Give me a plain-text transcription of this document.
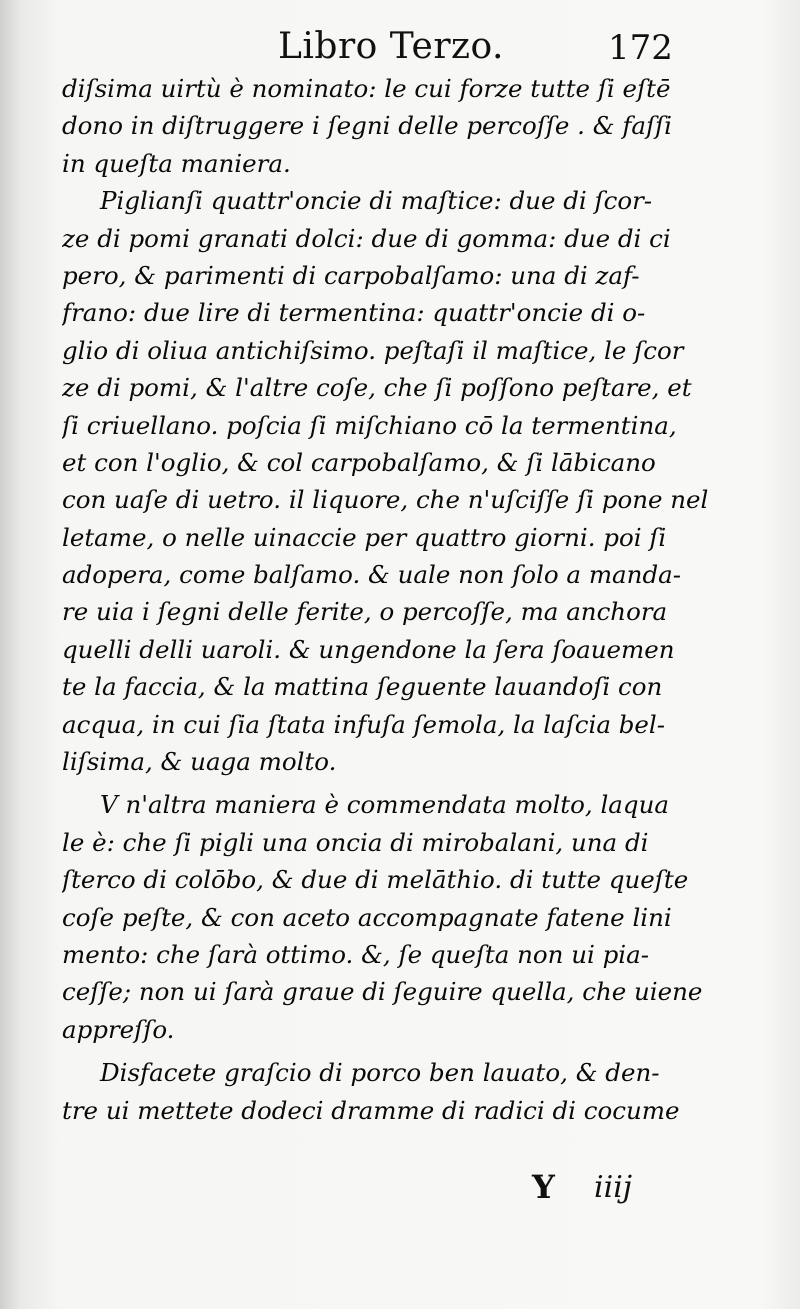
Libro Terzo.	172
diſsima uirtù è nominato: le cui forze tutte ſi eſtē
dono in diſtruggere i ſegni delle percoſſe . & faſſi
in queſta maniera.
Piglianſi quattr'oncie di maſtice: due di ſcor-
ze di pomi granati dolci: due di gomma: due di ci
pero, & parimenti di carpobalſamo: una di zaf-
frano: due lire di termentina: quattr'oncie di o-
glio di oliua antichiſsimo. peſtaſi il maſtice, le ſcor
ze di pomi, & l'altre coſe, che ſi poſſono peſtare, et
ſi criuellano. poſcia ſi miſchiano cō la termentina,
et con l'oglio, & col carpobalſamo, & ſi lābicano
con uaſe di uetro. il liquore, che n'uſciſſe ſi pone nel
letame, o nelle uinaccie per quattro giorni. poi ſi
adopera, come balſamo. & uale non ſolo a manda-
re uia i ſegni delle ferite, o percoſſe, ma anchora
quelli delli uaroli. & ungendone la ſera ſoauemen
te la faccia, & la mattina ſeguente lauandoſi con
acqua, in cui ſia ſtata infuſa ſemola, la laſcia bel-
liſsima, & uaga molto.
V n'altra maniera è commendata molto, laqua
le è: che ſi pigli una oncia di mirobalani, una di
ſterco di colōbo, & due di melāthio. di tutte queſte
coſe peſte, & con aceto accompagnate fatene lini
mento: che ſarà ottimo. &, ſe queſta non ui pia-
ceſſe; non ui ſarà graue di ſeguire quella, che uiene
appreſſo.
Disfacete graſcio di porco ben lauato, & den-
tre ui mettete dodeci dramme di radici di cocume
Y iiij
